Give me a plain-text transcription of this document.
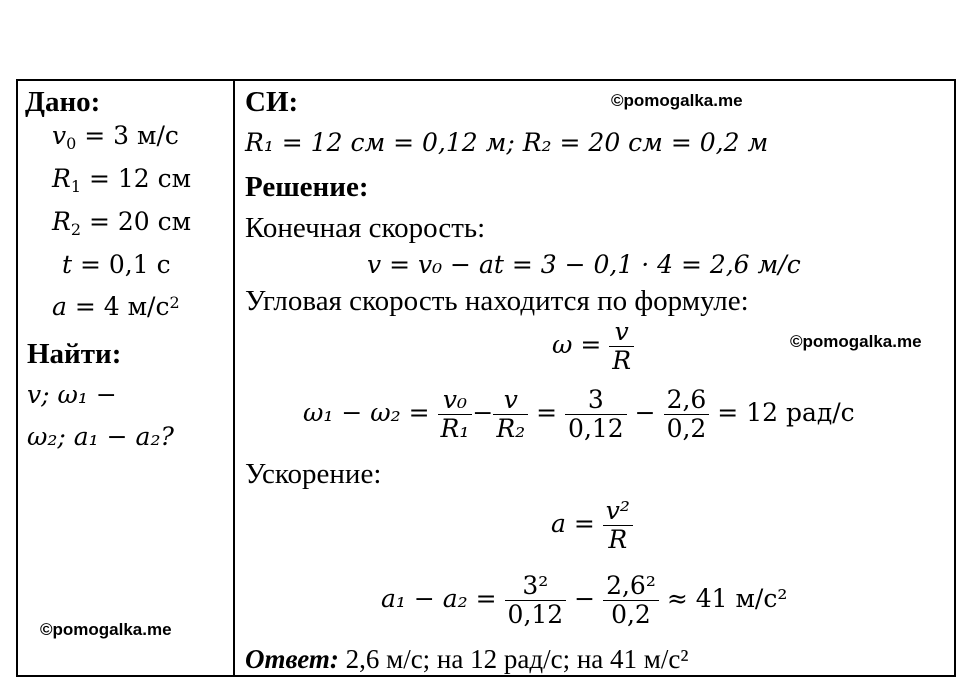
Дано:
$v_0 = 3$ м/с
$R_1 = 12$ см
$R_2 = 20$ см
t = 0,1 с
a = 4 $м/с^2$
Найти:
v; ω₁ −
ω₂; a₁ − a₂?
©pomogalka.me
СИ:	©pomogalka.me
R₁ = 12 см = 0,12 м; R₂ = 20 см = 0,2 м
Решение:
Конечная скорость:
v = v₀ − at = 3 − 0,1 · 4 = 2,6 м/с
Угловая скорость находится по формуле:
$\omega = \frac{v}{R}$	©pomogalka.me
$\omega_1 - \omega_2 = \frac{\text{v₀}}{\text{R₁}} - \frac{v}{\text{R₂}} = \frac{3}{0,12} - \frac{2,6}{0,2} = 12$ рад/с
Ускорение:
$a = \frac{\text{v²}}{R}$
$a_1 - a_2 = \frac{\text{3²}}{0,12} - \frac{\text{2,6²}}{0,2} \approx 41$ м/с²
Ответ: 2,6 м/с; на 12 рад/с; на 41 м/с²
